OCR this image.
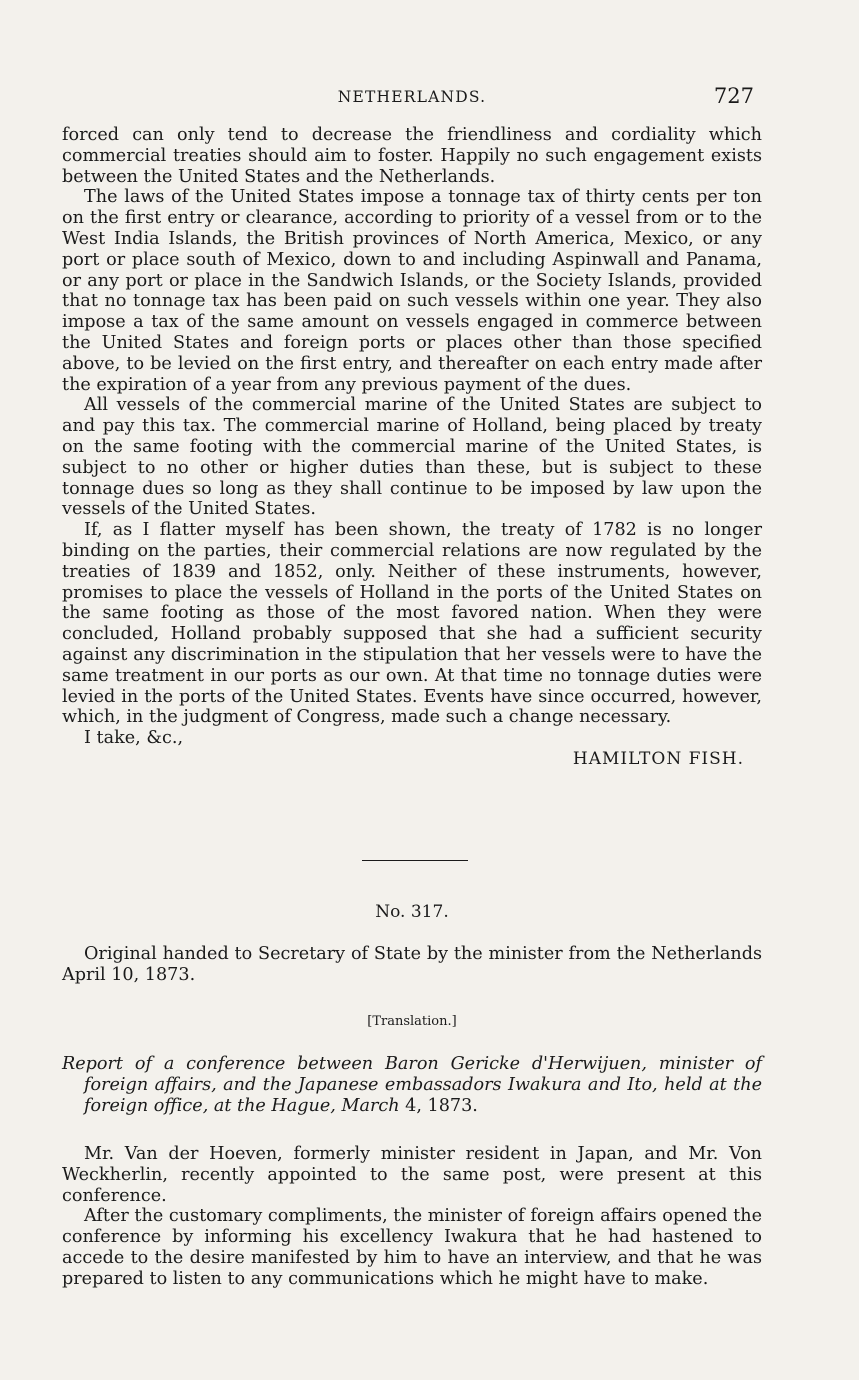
NETHERLANDS.	727

forced can only tend to decrease the friendliness and cordiality which commercial treaties should aim to foster. Happily no such engagement exists between the United States and the Netherlands.

The laws of the United States impose a tonnage tax of thirty cents per ton on the first entry or clearance, according to priority of a vessel from or to the West India Islands, the British provinces of North America, Mexico, or any port or place south of Mexico, down to and including Aspinwall and Panama, or any port or place in the Sandwich Islands, or the Society Islands, provided that no tonnage tax has been paid on such vessels within one year. They also impose a tax of the same amount on vessels engaged in commerce between the United States and foreign ports or places other than those specified above, to be levied on the first entry, and thereafter on each entry made after the expiration of a year from any previous payment of the dues.

All vessels of the commercial marine of the United States are subject to and pay this tax. The commercial marine of Holland, being placed by treaty on the same footing with the commercial marine of the United States, is subject to no other or higher duties than these, but is subject to these tonnage dues so long as they shall continue to be imposed by law upon the vessels of the United States.

If, as I flatter myself has been shown, the treaty of 1782 is no longer binding on the parties, their commercial relations are now regulated by the treaties of 1839 and 1852, only. Neither of these instruments, however, promises to place the vessels of Holland in the ports of the United States on the same footing as those of the most favored nation. When they were concluded, Holland probably supposed that she had a sufficient security against any discrimination in the stipulation that her vessels were to have the same treatment in our ports as our own. At that time no tonnage duties were levied in the ports of the United States. Events have since occurred, however, which, in the judgment of Congress, made such a change necessary.

I take, &c.,
HAMILTON FISH.
No. 317.

Original handed to Secretary of State by the minister from the Netherlands April 10, 1873.

[Translation.]

Report of a conference between Baron Gericke d'Herwijuen, minister of foreign affairs, and the Japanese embassadors Iwakura and Ito, held at the foreign office, at the Hague, March 4, 1873.

Mr. Van der Hoeven, formerly minister resident in Japan, and Mr. Von Weckherlin, recently appointed to the same post, were present at this conference.

After the customary compliments, the minister of foreign affairs opened the conference by informing his excellency Iwakura that he had hastened to accede to the desire manifested by him to have an interview, and that he was prepared to listen to any communications which he might have to make.
